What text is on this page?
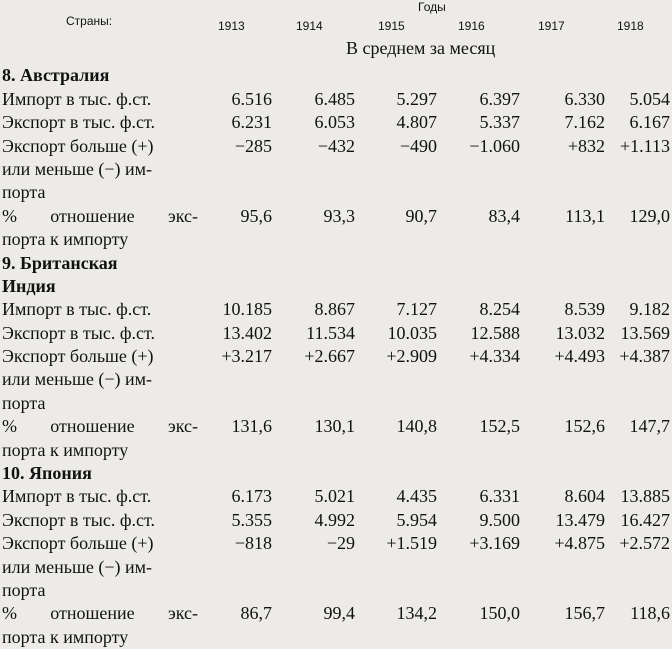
Страны:
Годы
1913	1914	1915	1916	1917	1918
В среднем за месяц
8. Австралия						
Импорт в тыс. ф.ст.	6.516	6.485	5.297	6.397	6.330	5.054
Экспорт в тыс. ф.ст.	6.231	6.053	4.807	5.337	7.162	6.167
Экспорт больше (+)	−285	−432	−490	−1.060	+832	+1.113
или меньше (−) им-						
порта						

% отношение экс-	95,6	93,3	90,7	83,4	113,1	129,0
порта к импорту						
9. Британская						
Индия						
Импорт в тыс. ф.ст.	10.185	8.867	7.127	8.254	8.539	9.182
Экспорт в тыс. ф.ст.	13.402	11.534	10.035	12.588	13.032	13.569
Экспорт больше (+)	+3.217	+2.667	+2.909	+4.334	+4.493	+4.387
или меньше (−) им-						
порта						

% отношение экс-	131,6	130,1	140,8	152,5	152,6	147,7
порта к импорту						
10. Япония						
Импорт в тыс. ф.ст.	6.173	5.021	4.435	6.331	8.604	13.885
Экспорт в тыс. ф.ст.	5.355	4.992	5.954	9.500	13.479	16.427
Экспорт больше (+)	−818	−29	+1.519	+3.169	+4.875	+2.572
или меньше (−) им-						
порта						

% отношение экс-	86,7	99,4	134,2	150,0	156,7	118,6
порта к импорту						
